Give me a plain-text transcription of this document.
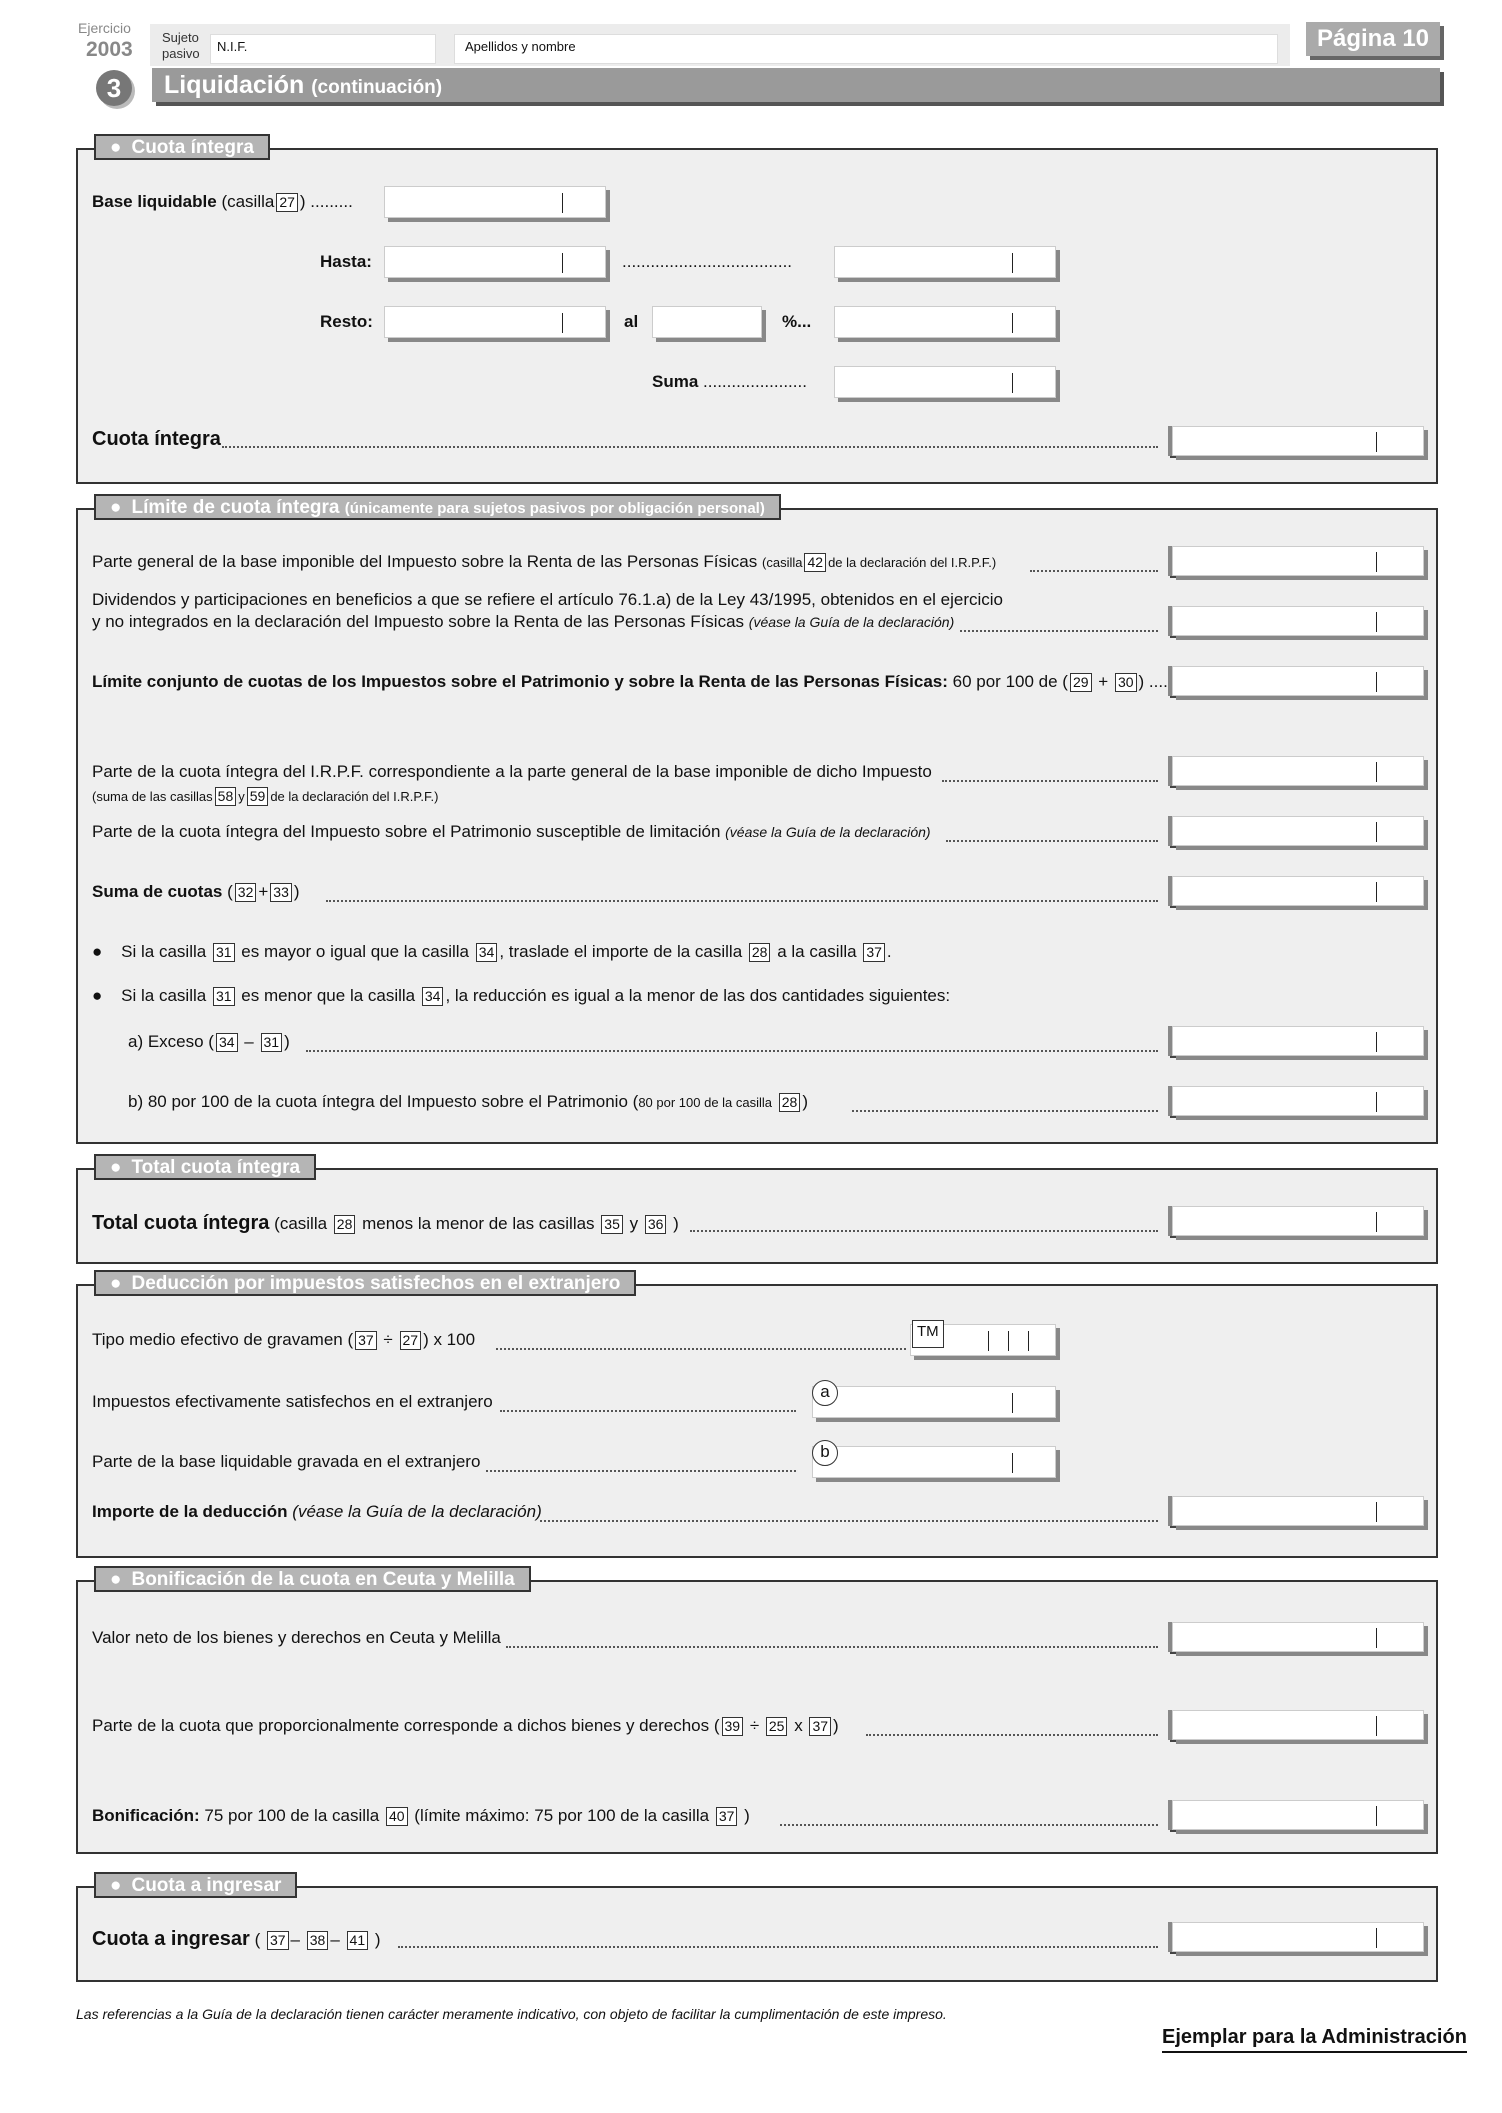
Ejercicio
2003
Sujeto
pasivo	N.I.F.	Apellidos y nombre	Página 10
3	Liquidación (continuación)
● Cuota íntegra
Base liquidable (casilla 27 ) .........
Hasta:	....................................
Resto:	al	%...
Suma ......................
Cuota íntegra
● Límite de cuota íntegra (únicamente para sujetos pasivos por obligación personal)
Parte general de la base imponible del Impuesto sobre la Renta de las Personas Físicas (casilla 42 de la declaración del I.R.P.F.)
Dividendos y participaciones en beneficios a que se refiere el artículo 76.1.a) de la Ley 43/1995, obtenidos en el ejercicio
y no integrados en la declaración del Impuesto sobre la Renta de las Personas Físicas (véase la Guía de la declaración)
Límite conjunto de cuotas de los Impuestos sobre el Patrimonio y sobre la Renta de las Personas Físicas: 60 por 100 de ( 29 + 30 ) ....
Parte de la cuota íntegra del I.R.P.F. correspondiente a la parte general de la base imponible de dicho Impuesto
(suma de las casillas 58 y 59 de la declaración del I.R.P.F.)
Parte de la cuota íntegra del Impuesto sobre el Patrimonio susceptible de limitación (véase la Guía de la declaración)
Suma de cuotas ( 32 + 33 )
●    Si la casilla 31 es mayor o igual que la casilla 34 , traslade el importe de la casilla 28 a la casilla 37 .
●    Si la casilla 31 es menor que la casilla 34 , la reducción es igual a la menor de las dos cantidades siguientes:
a) Exceso ( 34 – 31 )
b) 80 por 100 de la cuota íntegra del Impuesto sobre el Patrimonio (80 por 100 de la casilla 28 )
● Total cuota íntegra
Total cuota íntegra (casilla 28 menos la menor de las casillas 35 y 36 )
● Deducción por impuestos satisfechos en el extranjero
Tipo medio efectivo de gravamen ( 37 ÷ 27 ) x 100	TM
Impuestos efectivamente satisfechos en el extranjero
a
Parte de la base liquidable gravada en el extranjero
b
Importe de la deducción (véase la Guía de la declaración)
● Bonificación de la cuota en Ceuta y Melilla
Valor neto de los bienes y derechos en Ceuta y Melilla
Parte de la cuota que proporcionalmente corresponde a dichos bienes y derechos ( 39 ÷ 25 x 37 )
Bonificación: 75 por 100 de la casilla 40 (límite máximo: 75 por 100 de la casilla 37 )
● Cuota a ingresar
Cuota a ingresar ( 37 – 38 – 41 )
Las referencias a la Guía de la declaración tienen carácter meramente indicativo, con objeto de facilitar la cumplimentación de este impreso.
Ejemplar para la Administración
